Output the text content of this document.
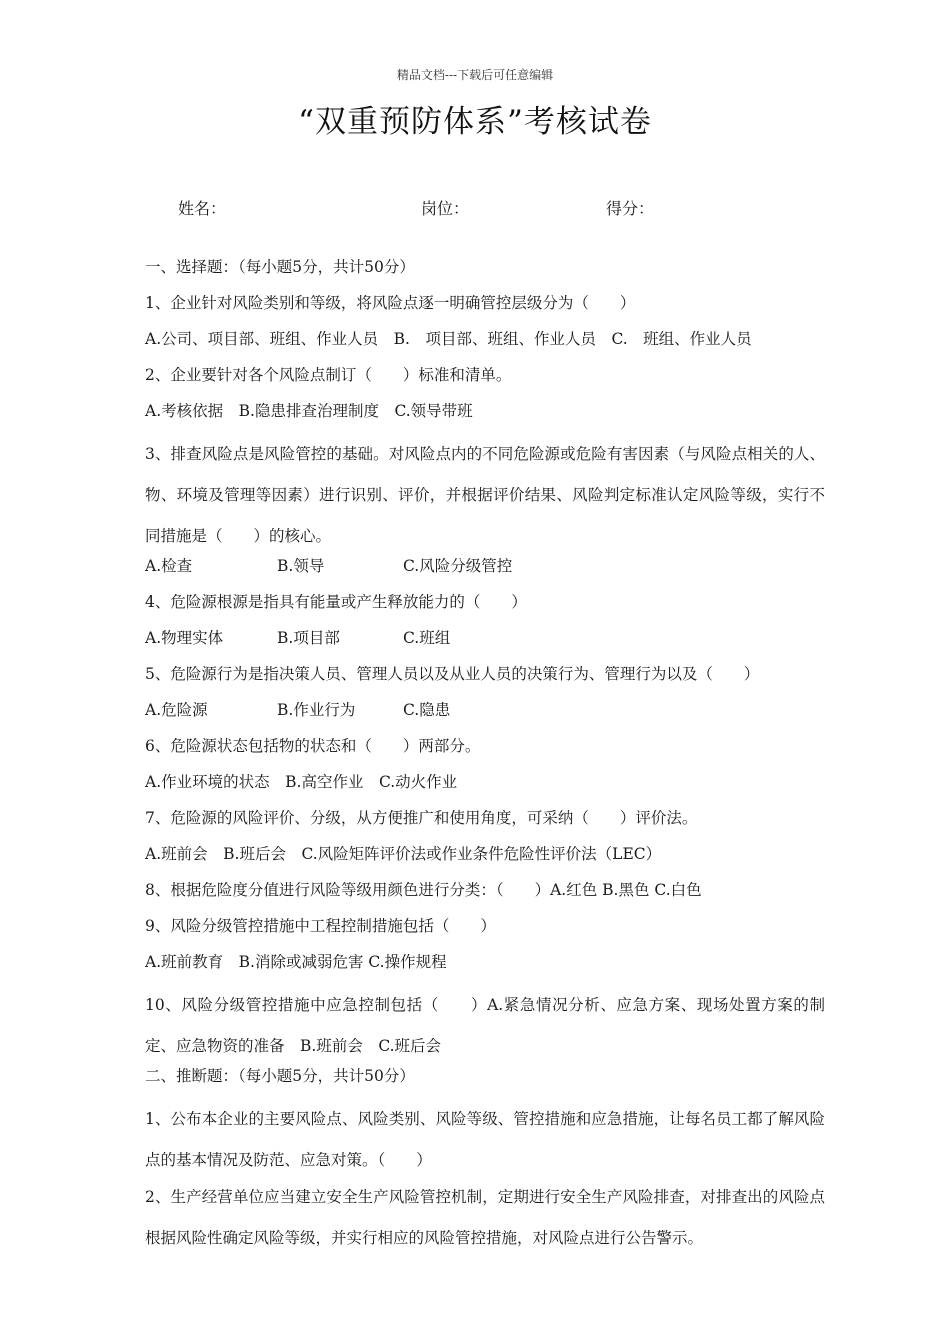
精品文档---下载后可任意编辑
“双重预防体系”考核试卷
姓名：	岗位：	得分：
一、选择题：（每小题5分，共计50分）
1、企业针对风险类别和等级，将风险点逐一明确管控层级分为（　　）
A.公司、项目部、班组、作业人员　B.　项目部、班组、作业人员　C.　班组、作业人员
2、企业要针对各个风险点制订（　　）标准和清单。
A.考核依据　B.隐患排查治理制度　C.领导带班
3、排查风险点是风险管控的基础。对风险点内的不同危险源或危险有害因素（与风险点相关的人、物、环境及管理等因素）进行识别、评价，并根据评价结果、风险判定标准认定风险等级，实行不同措施是（　　）的核心。
A.检查	B.领导	C.风险分级管控
4、危险源根源是指具有能量或产生释放能力的（　　）
A.物理实体	B.项目部	C.班组
5、危险源行为是指决策人员、管理人员以及从业人员的决策行为、管理行为以及（　　）
A.危险源	B.作业行为	C.隐患
6、危险源状态包括物的状态和（　　）两部分。
A.作业环境的状态　B.高空作业　C.动火作业
7、危险源的风险评价、分级，从方便推广和使用角度，可采纳（　　）评价法。
A.班前会　B.班后会　C.风险矩阵评价法或作业条件危险性评价法（LEC）
8、根据危险度分值进行风险等级用颜色进行分类：（　　）A.红色 B.黑色 C.白色
9、风险分级管控措施中工程控制措施包括（　　）
A.班前教育　B.消除或减弱危害 C.操作规程
10、风险分级管控措施中应急控制包括（　　）A.紧急情况分析、应急方案、现场处置方案的制定、应急物资的准备　B.班前会　C.班后会
二、推断题：（每小题5分，共计50分）
1、公布本企业的主要风险点、风险类别、风险等级、管控措施和应急措施，让每名员工都了解风险点的基本情况及防范、应急对策。（　　）
2、生产经营单位应当建立安全生产风险管控机制，定期进行安全生产风险排查，对排查出的风险点根据风险性确定风险等级，并实行相应的风险管控措施，对风险点进行公告警示。
